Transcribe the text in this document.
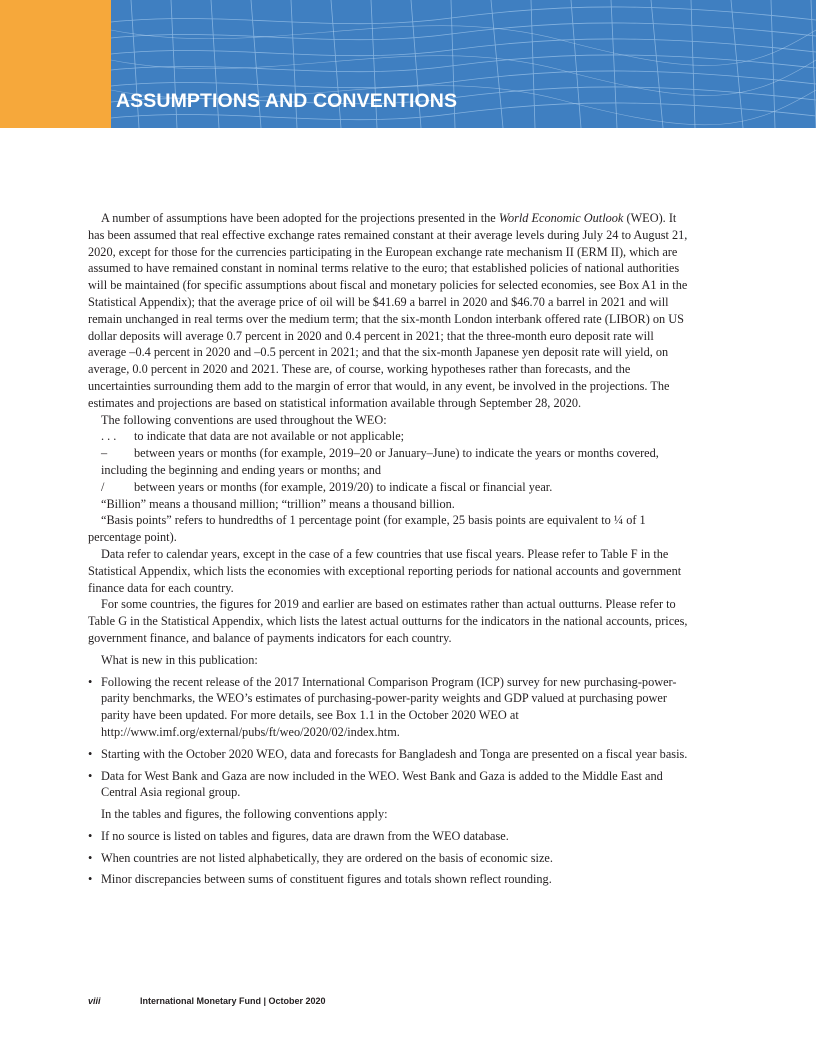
ASSUMPTIONS AND CONVENTIONS

A number of assumptions have been adopted for the projections presented in the World Economic Outlook (WEO). It has been assumed that real effective exchange rates remained constant at their average levels during July 24 to August 21, 2020, except for those for the currencies participating in the European exchange rate mechanism II (ERM II), which are assumed to have remained constant in nominal terms relative to the euro; that established policies of national authorities will be maintained (for specific assumptions about fiscal and monetary policies for selected economies, see Box A1 in the Statistical Appendix); that the average price of oil will be $41.69 a barrel in 2020 and $46.70 a barrel in 2021 and will remain unchanged in real terms over the medium term; that the six-month London interbank offered rate (LIBOR) on US dollar deposits will average 0.7 percent in 2020 and 0.4 percent in 2021; that the three-month euro deposit rate will average –0.4 percent in 2020 and –0.5 percent in 2021; and that the six-month Japanese yen deposit rate will yield, on average, 0.0 percent in 2020 and 2021. These are, of course, working hypotheses rather than forecasts, and the uncertainties surrounding them add to the margin of error that would, in any event, be involved in the projections. The estimates and projections are based on statistical information available through September 28, 2020.

The following conventions are used throughout the WEO:

. . . to indicate that data are not available or not applicable;

– between years or months (for example, 2019–20 or January–June) to indicate the years or months covered, including the beginning and ending years or months; and

/ between years or months (for example, 2019/20) to indicate a fiscal or financial year.

“Billion” means a thousand million; “trillion” means a thousand billion.

“Basis points” refers to hundredths of 1 percentage point (for example, 25 basis points are equivalent to ¼ of 1 percentage point).

Data refer to calendar years, except in the case of a few countries that use fiscal years. Please refer to Table F in the Statistical Appendix, which lists the economies with exceptional reporting periods for national accounts and government finance data for each country.

For some countries, the figures for 2019 and earlier are based on estimates rather than actual outturns. Please refer to Table G in the Statistical Appendix, which lists the latest actual outturns for the indicators in the national accounts, prices, government finance, and balance of payments indicators for each country.

What is new in this publication:

• Following the recent release of the 2017 International Comparison Program (ICP) survey for new purchasing-power-parity benchmarks, the WEO’s estimates of purchasing-power-parity weights and GDP valued at purchasing power parity have been updated. For more details, see Box 1.1 in the October 2020 WEO at http://www.imf.org/external/pubs/ft/weo/2020/02/index.htm.
• Starting with the October 2020 WEO, data and forecasts for Bangladesh and Tonga are presented on a fiscal year basis.
• Data for West Bank and Gaza are now included in the WEO. West Bank and Gaza is added to the Middle East and Central Asia regional group.

In the tables and figures, the following conventions apply:

• If no source is listed on tables and figures, data are drawn from the WEO database.
• When countries are not listed alphabetically, they are ordered on the basis of economic size.
• Minor discrepancies between sums of constituent figures and totals shown reflect rounding.
viii	International Monetary Fund | October 2020
